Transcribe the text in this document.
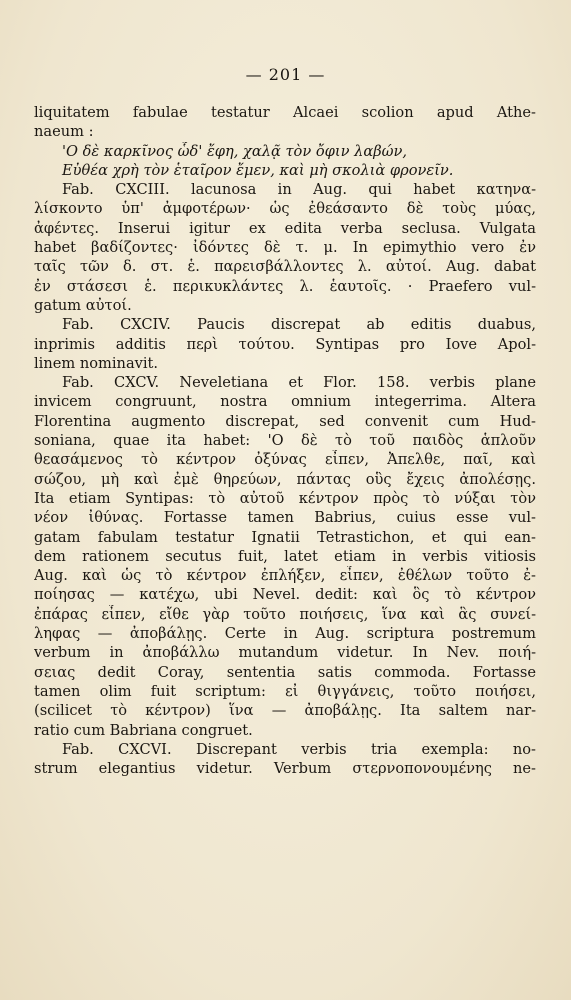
— 201 —
liquitatem fabulae testatur Alcaei scolion apud Athe-
naeum :
'Ο δὲ καρκῖνος ὧδ' ἔφη, χαλᾷ τὸν ὄφιν λαβών,
Εὐθέα χρὴ τὸν ἑταῖρον ἔμεν, καὶ μὴ σκολιὰ φρονεῖν.
Fab. CXCIII. lacunosa in Aug. qui habet κατηνα-
λίσκοντο ὑπ' ἀμφοτέρων· ὡς ἐθεάσαντο δὲ τοὺς μύας,
ἀφέντες. Inserui igitur ex edita verba seclusa. Vulgata
habet βαδίζοντες· ἰδόντες δὲ τ. μ. In epimythio vero ἐν
ταῖς τῶν δ. στ. ἑ. παρεισβάλλοντες λ. αὐτοί. Aug. dabat
ἐν στάσεσι ἑ. περικυκλάντες λ. ἑαυτοῖς. · Praefero vul-
gatum αὐτοί.
Fab. CXCIV. Paucis discrepat ab editis duabus,
inprimis additis περὶ τούτου. Syntipas pro Iove Apol-
linem nominavit.
Fab. CXCV. Neveletiana et Flor. 158. verbis plane
invicem congruunt, nostra omnium integerrima. Altera
Florentina augmento discrepat, sed convenit cum Hud-
soniana, quae ita habet: 'Ο δὲ τὸ τοῦ παιδὸς ἁπλοῦν
θεασάμενος τὸ κέντρον ὀξύνας εἶπεν, Ἀπελθε, παῖ, καὶ
σώζου, μὴ καὶ ἐμὲ θηρεύων, πάντας οὓς ἔχεις ἀπολέσῃς.
Ita etiam Syntipas: τὸ αὐτοῦ κέντρον πρὸς τὸ νύξαι τὸν
νέον ἰθύνας. Fortasse tamen Babrius, cuius esse vul-
gatam fabulam testatur Ignatii Tetrastichon, et qui ean-
dem rationem secutus fuit, latet etiam in verbis vitiosis
Aug. καὶ ὡς τὸ κέντρον ἐπλήξεν, εἶπεν, ἐθέλων τοῦτο ἐ-
ποίησας — κατέχω, ubi Nevel. dedit: καὶ ὃς τὸ κέντρον
ἐπάρας εἶπεν, εἴθε γὰρ τοῦτο ποιήσεις, ἵνα καὶ ἃς συνεί-
ληφας — ἀποβάλῃς. Certe in Aug. scriptura postremum
verbum in ἀποβάλλω mutandum videtur. In Nev. ποιή-
σειας dedit Coray, sententia satis commoda. Fortasse
tamen olim fuit scriptum: εἰ θιγγάνεις, τοῦτο ποιήσει,
(scilicet τὸ κέντρον) ἵνα — ἀποβάλῃς. Ita saltem nar-
ratio cum Babriana congruet.
Fab. CXCVI. Discrepant verbis tria exempla: no-
strum elegantius videtur. Verbum στερνοπονουμένης ne-
